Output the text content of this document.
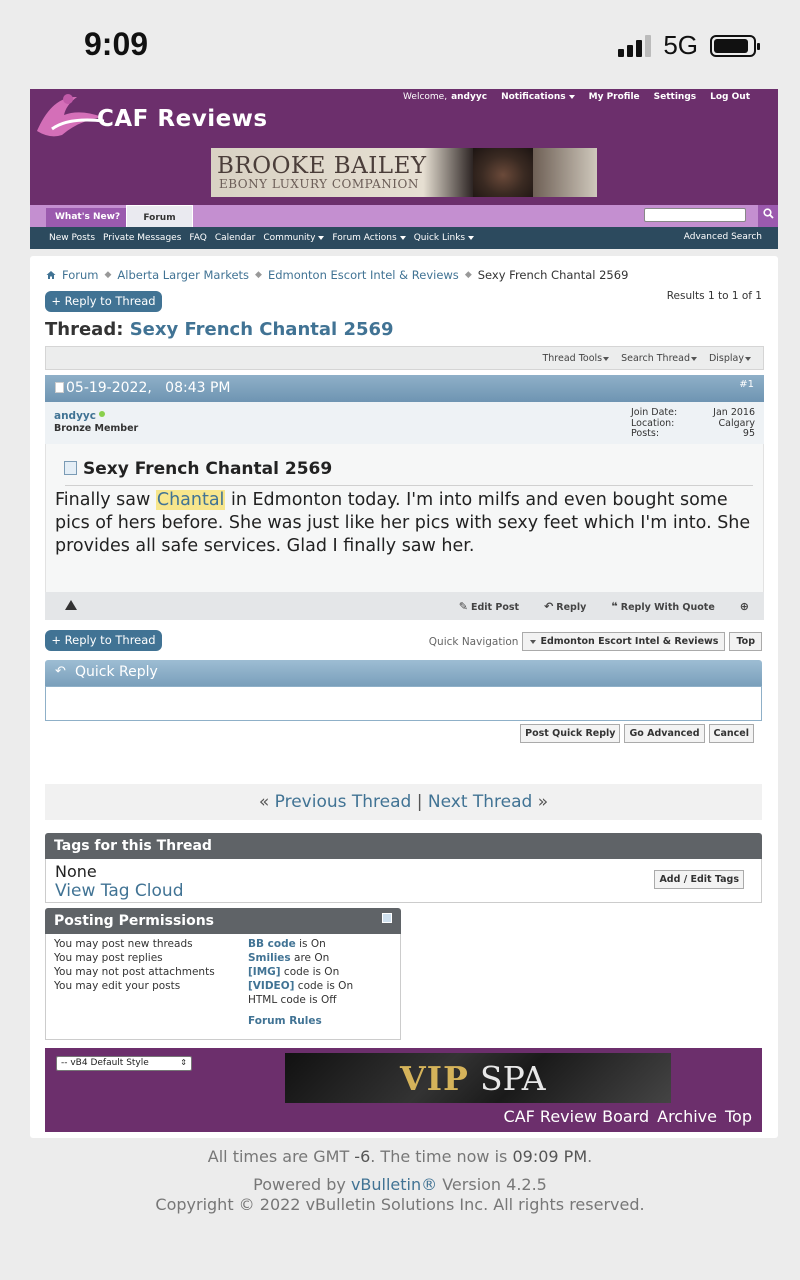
9:09	5G
CAF Reviews
Welcome, andyyc Notifications	My Profile Settings Log Out
BROOKE BAILEY
EBONY LUXURY COMPANION
What's New?	Forum
New Posts Private Messages FAQ Calendar Community	Forum Actions	Quick Links	Advanced Search
Forum ◆ Alberta Larger Markets ◆ Edmonton Escort Intel & Reviews ◆ Sexy French Chantal 2569
+ Reply to Thread	Results 1 to 1 of 1
Thread: Sexy French Chantal 2569
Thread Tools	Search Thread	Display
05-19-2022, 08:43 PM	#1
andyyc
Bronze Member
Join Date:	Jan 2016
Location:	Calgary
Posts:	95
Sexy French Chantal 2569
Finally saw Chantal in Edmonton today. I'm into milfs and even bought some pics of hers before. She was just like her pics with sexy feet which I'm into. She provides all safe services. Glad I finally saw her.
✎ Edit Post ↶ Reply ❝ Reply With Quote ⊕
+ Reply to Thread	Quick Navigation	Edmonton Escort Intel & Reviews	Top
↶ Quick Reply
Post Quick Reply	Go Advanced	Cancel
« Previous Thread | Next Thread »
Tags for this Thread
None
View Tag Cloud
Add / Edit Tags
Posting Permissions
You may post new threads
You may post replies
You may not post attachments
You may edit your posts
BB code is On
Smilies are On
[IMG] code is On
[VIDEO] code is On
HTML code is Off
Forum Rules
-- vB4 Default Style	⇕	VIP SPA
CAF Review Board Archive Top
All times are GMT -6. The time now is 09:09 PM.
Powered by vBulletin® Version 4.2.5
Copyright © 2022 vBulletin Solutions Inc. All rights reserved.
